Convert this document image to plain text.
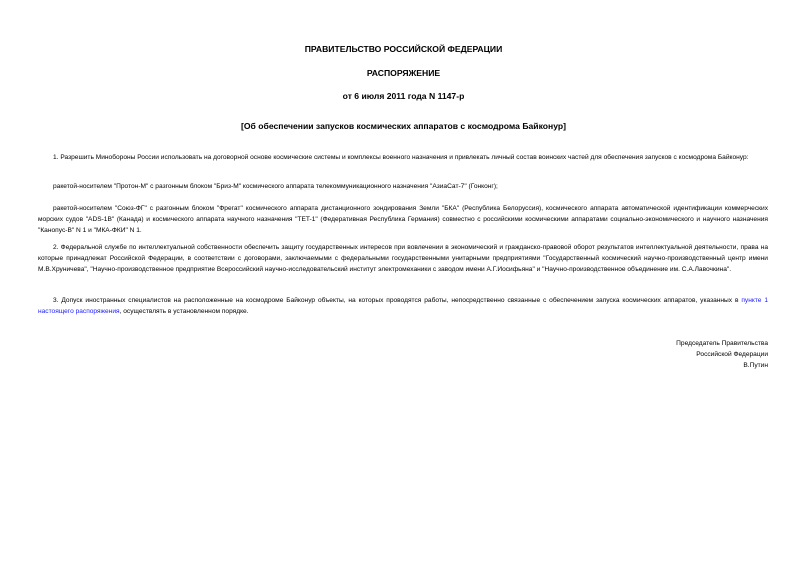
ПРАВИТЕЛЬСТВО РОССИЙСКОЙ ФЕДЕРАЦИИ
РАСПОРЯЖЕНИЕ
от 6 июля 2011 года N 1147-р
[Об обеспечении запусков космических аппаратов с космодрома Байконур]

1. Разрешить Минобороны России использовать на договорной основе космические системы и комплексы военного назначения и привлекать личный состав воинских частей для обеспечения запусков с космодрома Байконур:

ракетой-носителем "Протон-М" с разгонным блоком "Бриз-М" космического аппарата телекоммуникационного назначения "АзиаСат-7" (Гонконг);

ракетой-носителем "Союз-ФГ" с разгонным блоком "Фрегат" космического аппарата дистанционного зондирования Земли "БКА" (Республика Белоруссия), космического аппарата автоматической идентификации коммерческих морских судов "ADS-1B" (Канада) и космического аппарата научного назначения "TET-1" (Федеративная Республика Германия) совместно с российскими космическими аппаратами социально-экономического и научного назначения "Канопус-В" N 1 и "МКА-ФКИ" N 1.

2. Федеральной службе по интеллектуальной собственности обеспечить защиту государственных интересов при вовлечении в экономический и гражданско-правовой оборот результатов интеллектуальной деятельности, права на которые принадлежат Российской Федерации, в соответствии с договорами, заключаемыми с федеральными государственными унитарными предприятиями "Государственный космический научно-производственный центр имени М.В.Хруничева", "Научно-производственное предприятие Всероссийский научно-исследовательский институт электромеханики с заводом имени А.Г.Иосифьяна" и "Научно-производственное объединение им. С.А.Лавочкина".

3. Допуск иностранных специалистов на расположенные на космодроме Байконур объекты, на которых проводятся работы, непосредственно связанные с обеспечением запуска космических аппаратов, указанных в пункте 1 настоящего распоряжения, осуществлять в установленном порядке.

Председатель Правительства
Российской Федерации
В.Путин
